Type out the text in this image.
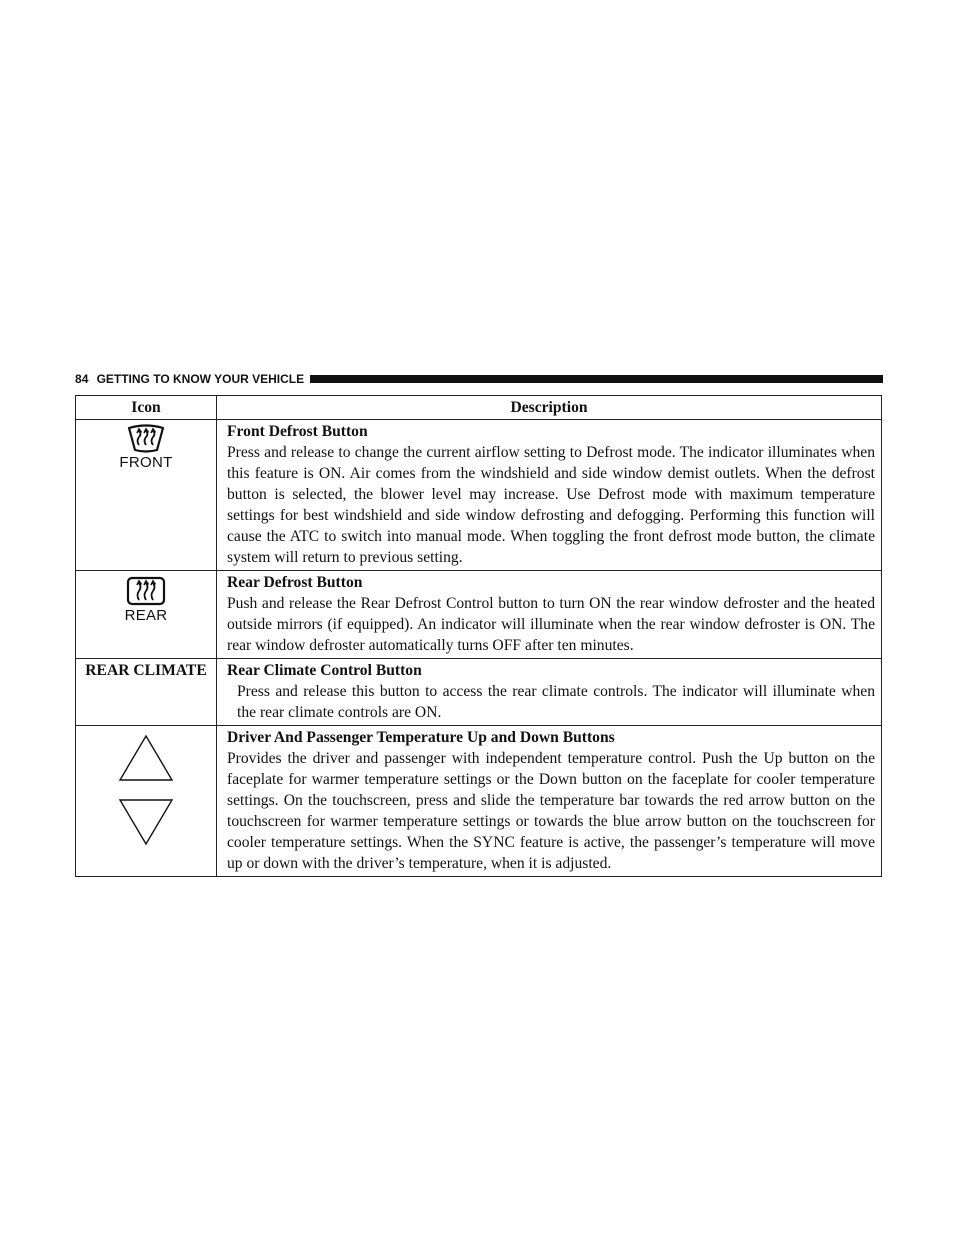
84 GETTING TO KNOW YOUR VEHICLE
Icon	Description

FRONT	Front Defrost Button
Press and release to change the current airflow setting to Defrost mode. The indicator illuminates when this feature is ON. Air comes from the windshield and side window demist outlets. When the defrost button is selected, the blower level may increase. Use Defrost mode with maximum temperature settings for best windshield and side window defrosting and defogging. Performing this function will cause the ATC to switch into manual mode. When toggling the front defrost mode button, the climate system will return to previous setting.

REAR	Rear Defrost Button
Push and release the Rear Defrost Control button to turn ON the rear window defroster and the heated outside mirrors (if equipped). An indicator will illuminate when the rear window defroster is ON. The rear window defroster automatically turns OFF after ten minutes.

REAR CLIMATE	Rear Climate Control Button
Press and release this button to access the rear climate controls. The indicator will illuminate when the rear climate controls are ON.

Driver And Passenger Temperature Up and Down Buttons
Provides the driver and passenger with independent temperature control. Push the Up button on the faceplate for warmer temperature settings or the Down button on the faceplate for cooler temperature settings. On the touchscreen, press and slide the temperature bar towards the red arrow button on the touchscreen for warmer temperature settings or towards the blue arrow button on the touchscreen for cooler temperature settings. When the SYNC feature is active, the passenger’s temperature will move up or down with the driver’s temperature, when it is adjusted.
